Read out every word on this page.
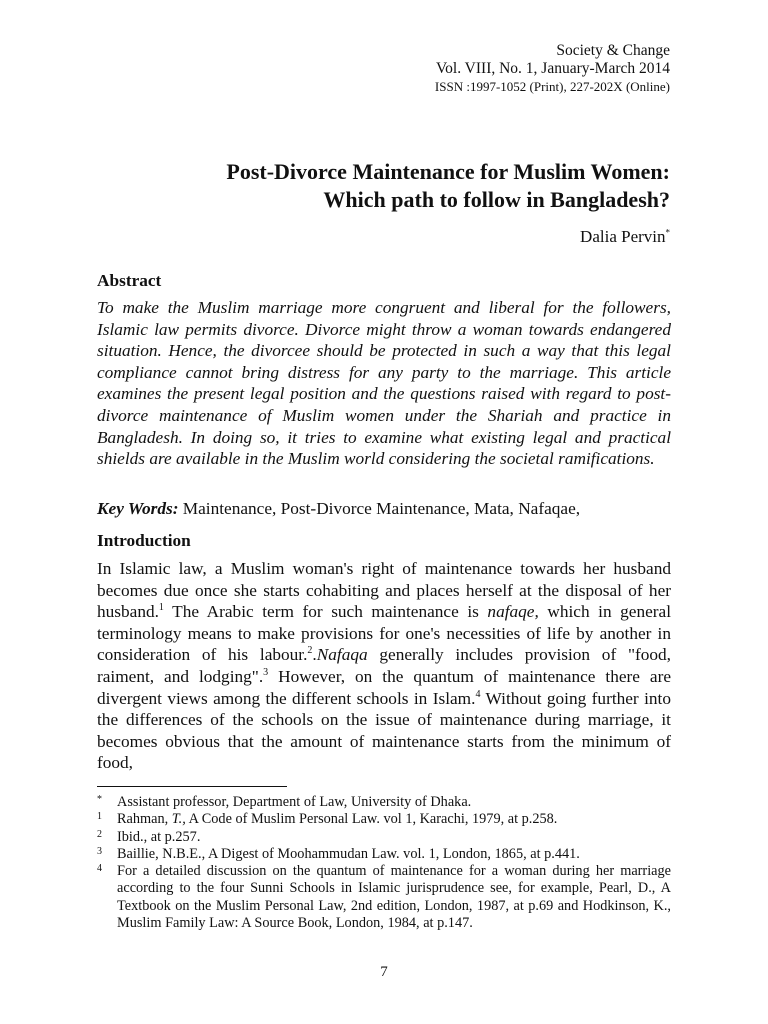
Society & Change
Vol. VIII, No. 1, January-March 2014
ISSN :1997-1052 (Print), 227-202X (Online)
Post-Divorce Maintenance for Muslim Women:
Which path to follow in Bangladesh?
Dalia Pervin*
Abstract
To make the Muslim marriage more congruent and liberal for the followers, Islamic law permits divorce. Divorce might throw a woman towards endangered situation. Hence, the divorcee should be protected in such a way that this legal compliance cannot bring distress for any party to the marriage. This article examines the present legal position and the questions raised with regard to post-divorce maintenance of Muslim women under the Shariah and practice in Bangladesh. In doing so, it tries to examine what existing legal and practical shields are available in the Muslim world considering the societal ramifications.
Key Words: Maintenance, Post-Divorce Maintenance, Mata, Nafaqae,
Introduction
In Islamic law, a Muslim woman's right of maintenance towards her husband becomes due once she starts cohabiting and places herself at the disposal of her husband.$^1$ The Arabic term for such maintenance is nafaqe, which in general terminology means to make provisions for one's necessities of life by another in consideration of his labour.$^2$.Nafaqa generally includes provision of "food, raiment, and lodging".$^3$ However, on the quantum of maintenance there are divergent views among the different schools in Islam.$^4$ Without going further into the differences of the schools on the issue of maintenance during marriage, it becomes obvious that the amount of maintenance starts from the minimum of food,
* Assistant professor, Department of Law, University of Dhaka.
1 Rahman, T., A Code of Muslim Personal Law. vol 1, Karachi, 1979, at p.258.
2 Ibid., at p.257.
3 Baillie, N.B.E., A Digest of Moohammudan Law. vol. 1, London, 1865, at p.441.
4 For a detailed discussion on the quantum of maintenance for a woman during her marriage according to the four Sunni Schools in Islamic jurisprudence see, for example, Pearl, D., A Textbook on the Muslim Personal Law, 2nd edition, London, 1987, at p.69 and Hodkinson, K., Muslim Family Law: A Source Book, London, 1984, at p.147.
7
